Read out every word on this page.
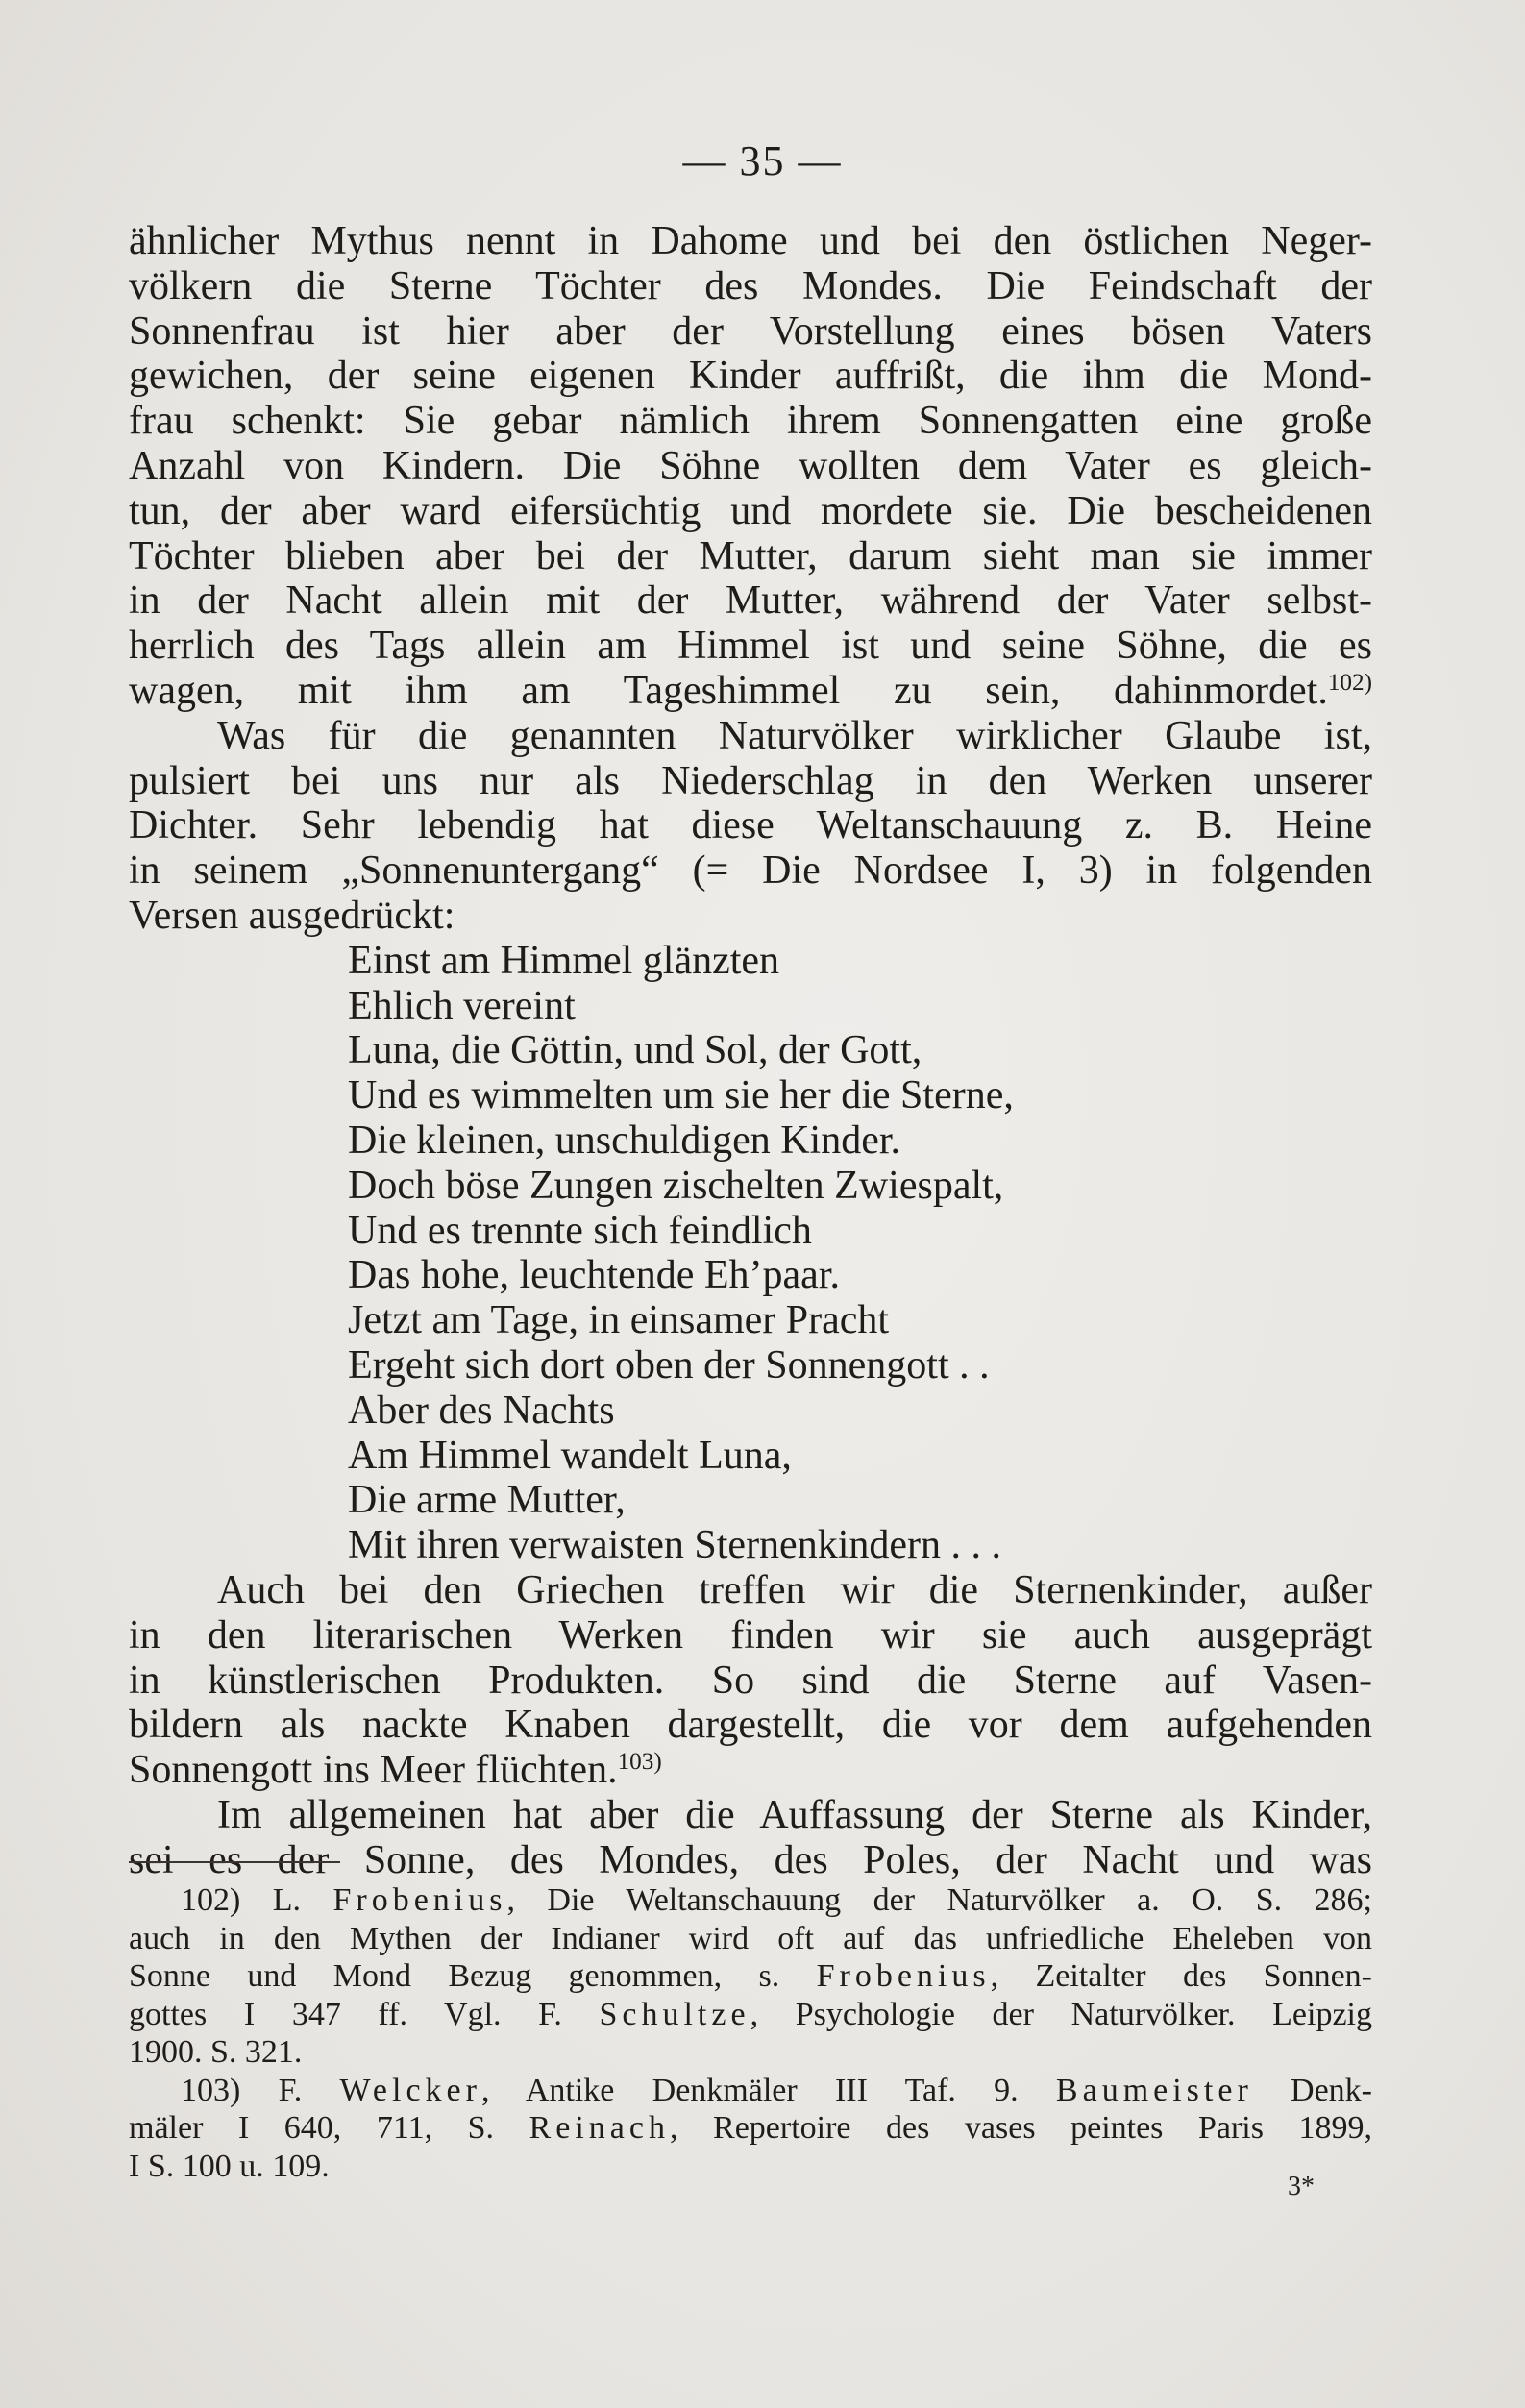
— 35 —
ähnlicher Mythus nennt in Dahome und bei den östlichen Neger-
völkern die Sterne Töchter des Mondes. Die Feindschaft der
Sonnenfrau ist hier aber der Vorstellung eines bösen Vaters
gewichen, der seine eigenen Kinder auffrißt, die ihm die Mond-
frau schenkt: Sie gebar nämlich ihrem Sonnengatten eine große
Anzahl von Kindern. Die Söhne wollten dem Vater es gleich-
tun, der aber ward eifersüchtig und mordete sie. Die bescheidenen
Töchter blieben aber bei der Mutter, darum sieht man sie immer
in der Nacht allein mit der Mutter, während der Vater selbst-
herrlich des Tags allein am Himmel ist und seine Söhne, die es
wagen, mit ihm am Tageshimmel zu sein, dahinmordet.$^{102)}$
Was für die genannten Naturvölker wirklicher Glaube ist,
pulsiert bei uns nur als Niederschlag in den Werken unserer
Dichter. Sehr lebendig hat diese Weltanschauung z. B. Heine
in seinem „Sonnenuntergang“ (= Die Nordsee I, 3) in folgenden
Versen ausgedrückt:
Einst am Himmel glänzten
Ehlich vereint
Luna, die Göttin, und Sol, der Gott,
Und es wimmelten um sie her die Sterne,
Die kleinen, unschuldigen Kinder.
Doch böse Zungen zischelten Zwiespalt,
Und es trennte sich feindlich
Das hohe, leuchtende Eh’paar.
Jetzt am Tage, in einsamer Pracht
Ergeht sich dort oben der Sonnengott . .
Aber des Nachts
Am Himmel wandelt Luna,
Die arme Mutter,
Mit ihren verwaisten Sternenkindern . . .
Auch bei den Griechen treffen wir die Sternenkinder, außer
in den literarischen Werken finden wir sie auch ausgeprägt
in künstlerischen Produkten. So sind die Sterne auf Vasen-
bildern als nackte Knaben dargestellt, die vor dem aufgehenden
Sonnengott ins Meer flüchten.$^{103)}$
Im allgemeinen hat aber die Auffassung der Sterne als Kinder,
sei es der Sonne, des Mondes, des Poles, der Nacht und was
102) L. Frobenius, Die Weltanschauung der Naturvölker a. O. S. 286;
auch in den Mythen der Indianer wird oft auf das unfriedliche Eheleben von
Sonne und Mond Bezug genommen, s. Frobenius, Zeitalter des Sonnen-
gottes I 347 ff. Vgl. F. Schultze, Psychologie der Naturvölker. Leipzig
1900. S. 321.
103) F. Welcker, Antike Denkmäler III Taf. 9. Baumeister Denk-
mäler I 640, 711, S. Reinach, Repertoire des vases peintes Paris 1899,
I S. 100 u. 109.
3*
